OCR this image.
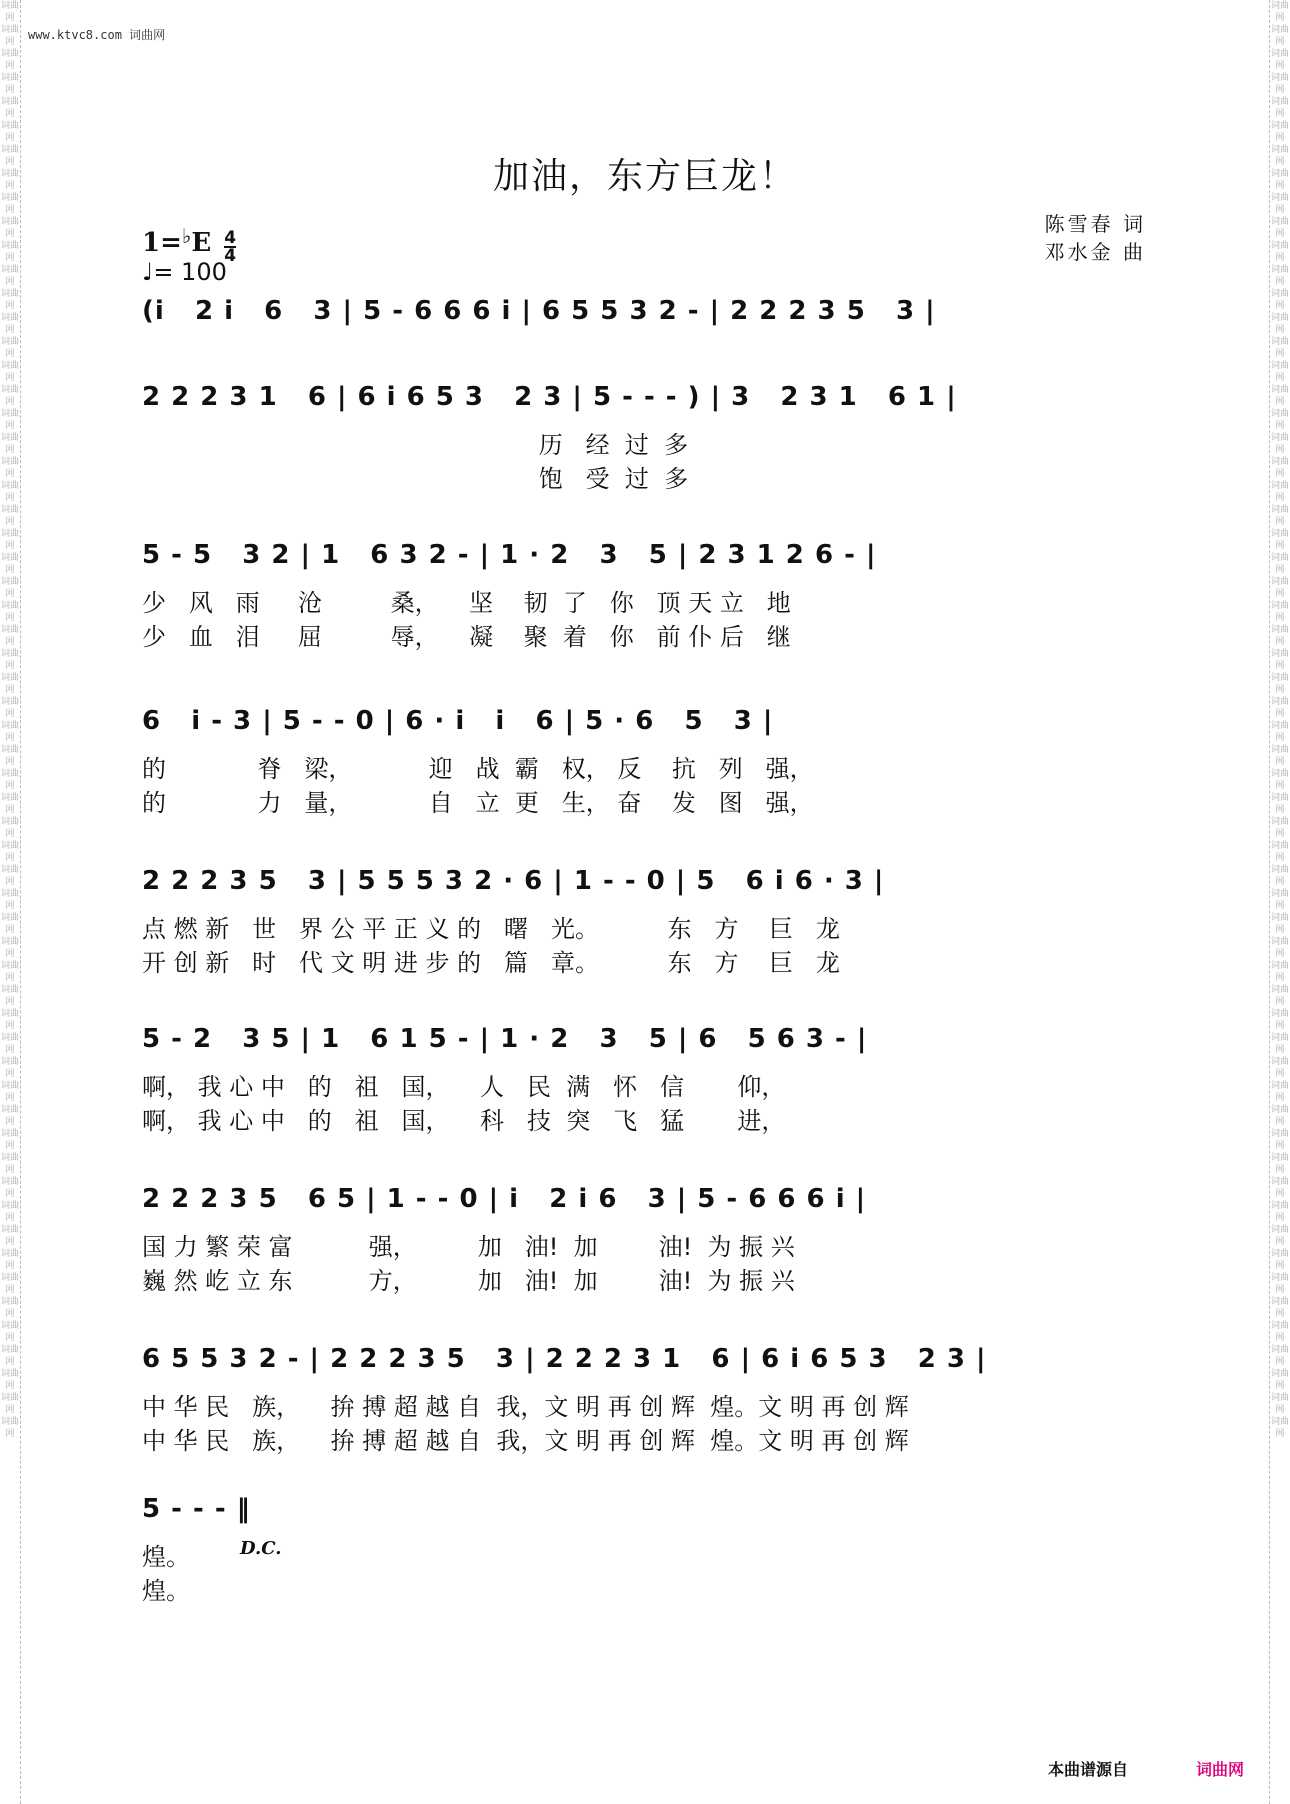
词曲网 词曲网 词曲网 词曲网 词曲网 词曲网 词曲网 词曲网 词曲网 词曲网 词曲网 词曲网 词曲网 词曲网 词曲网 词曲网 词曲网 词曲网 词曲网 词曲网 词曲网 词曲网 词曲网 词曲网 词曲网 词曲网 词曲网 词曲网 词曲网 词曲网 词曲网 词曲网 词曲网 词曲网 词曲网 词曲网 词曲网 词曲网 词曲网 词曲网 词曲网 词曲网 词曲网 词曲网 词曲网 词曲网 词曲网 词曲网 词曲网 词曲网 词曲网 词曲网 词曲网 词曲网 词曲网 词曲网 词曲网 词曲网 词曲网 词曲网
词曲网 词曲网 词曲网 词曲网 词曲网 词曲网 词曲网 词曲网 词曲网 词曲网 词曲网 词曲网 词曲网 词曲网 词曲网 词曲网 词曲网 词曲网 词曲网 词曲网 词曲网 词曲网 词曲网 词曲网 词曲网 词曲网 词曲网 词曲网 词曲网 词曲网 词曲网 词曲网 词曲网 词曲网 词曲网 词曲网 词曲网 词曲网 词曲网 词曲网 词曲网 词曲网 词曲网 词曲网 词曲网 词曲网 词曲网 词曲网 词曲网 词曲网 词曲网 词曲网 词曲网 词曲网 词曲网 词曲网 词曲网 词曲网 词曲网 词曲网
www.ktvc8.com 词曲网
加油，东方巨龙！
$1=^♭E \frac{4}{4}$
♩= 100
陈雪春 词
邓水金 曲
(i   2 i   6   3 | 5 - 6 6 6 i | 6 5 5 3 2 - | 2 2 2 3 5   3 |
2 2 2 3 1   6 | 6 i 6 5 3   2 3 | 5 - - - ) | 3   2 3 1   6 1 |
历   经  过  多
饱   受  过  多
5 - 5   3 2 | 1   6 3 2 - | 1 · 2   3   5 | 2 3 1 2 6 - |
少   风   雨     沧         桑，    坚    韧  了   你   顶 天 立   地
少   血   泪     屈         辱，    凝    聚  着   你   前 仆 后   继
6   i - 3 | 5 - - 0 | 6 · i   i   6 | 5 · 6   5   3 |
的            脊   梁，          迎   战  霸   权， 反    抗   列   强，
的            力   量，          自   立  更   生， 奋    发   图   强，
2 2 2 3 5   3 | 5 5 5 3 2 · 6 | 1 - - 0 | 5   6 i 6 · 3 |
点 燃 新   世   界 公 平 正 义 的   曙   光。         东   方    巨   龙
开 创 新   时   代 文 明 进 步 的   篇   章。         东   方    巨   龙
5 - 2   3 5 | 1   6 1 5 - | 1 · 2   3   5 | 6   5 6 3 - |
啊， 我 心 中   的   祖   国，    人   民  满   怀   信       仰，
啊， 我 心 中   的   祖   国，    科   技  突   飞   猛       进，
2 2 2 3 5   6 5 | 1 - - 0 | i   2 i 6   3 | 5 - 6 6 6 i |
国 力 繁 荣 富          强，        加   油!  加        油!  为 振 兴
巍 然 屹 立 东          方，        加   油!  加        油!  为 振 兴
6 5 5 3 2 - | 2 2 2 3 5   3 | 2 2 2 3 1   6 | 6 i 6 5 3   2 3 |
中 华 民   族，    拚 搏 超 越 自  我，文 明 再 创 辉  煌。文 明 再 创 辉
中 华 民   族，    拚 搏 超 越 自  我，文 明 再 创 辉  煌。文 明 再 创 辉
5 - - - ‖
煌。
煌。
D.C.
本曲谱源自	词曲网
